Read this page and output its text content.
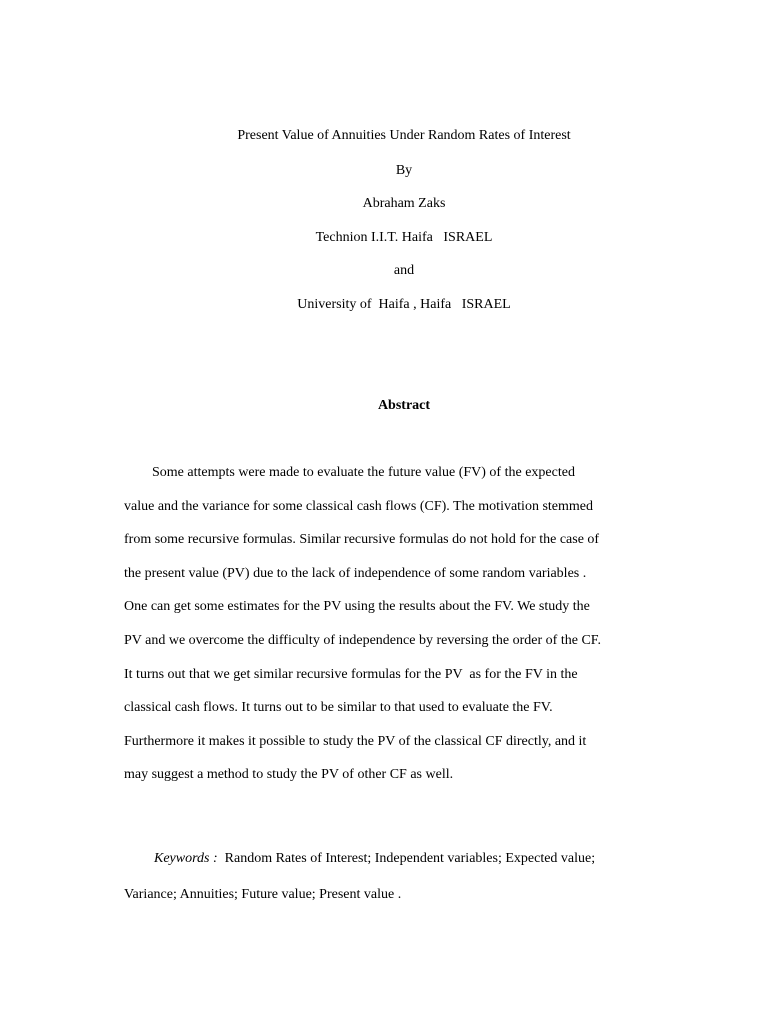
Present Value of Annuities Under Random Rates of Interest
By
Abraham Zaks
Technion I.I.T. Haifa   ISRAEL
and
University of  Haifa , Haifa   ISRAEL
Abstract
Some attempts were made to evaluate the future value (FV) of the expected
value and the variance for some classical cash flows (CF). The motivation stemmed
from some recursive formulas. Similar recursive formulas do not hold for the case of
the present value (PV) due to the lack of independence of some random variables .
One can get some estimates for the PV using the results about the FV. We study the
PV and we overcome the difficulty of independence by reversing the order of the CF.
It turns out that we get similar recursive formulas for the PV  as for the FV in the
classical cash flows. It turns out to be similar to that used to evaluate the FV.
Furthermore it makes it possible to study the PV of the classical CF directly, and it
may suggest a method to study the PV of other CF as well.
Keywords :  Random Rates of Interest; Independent variables; Expected value;
Variance; Annuities; Future value; Present value .
